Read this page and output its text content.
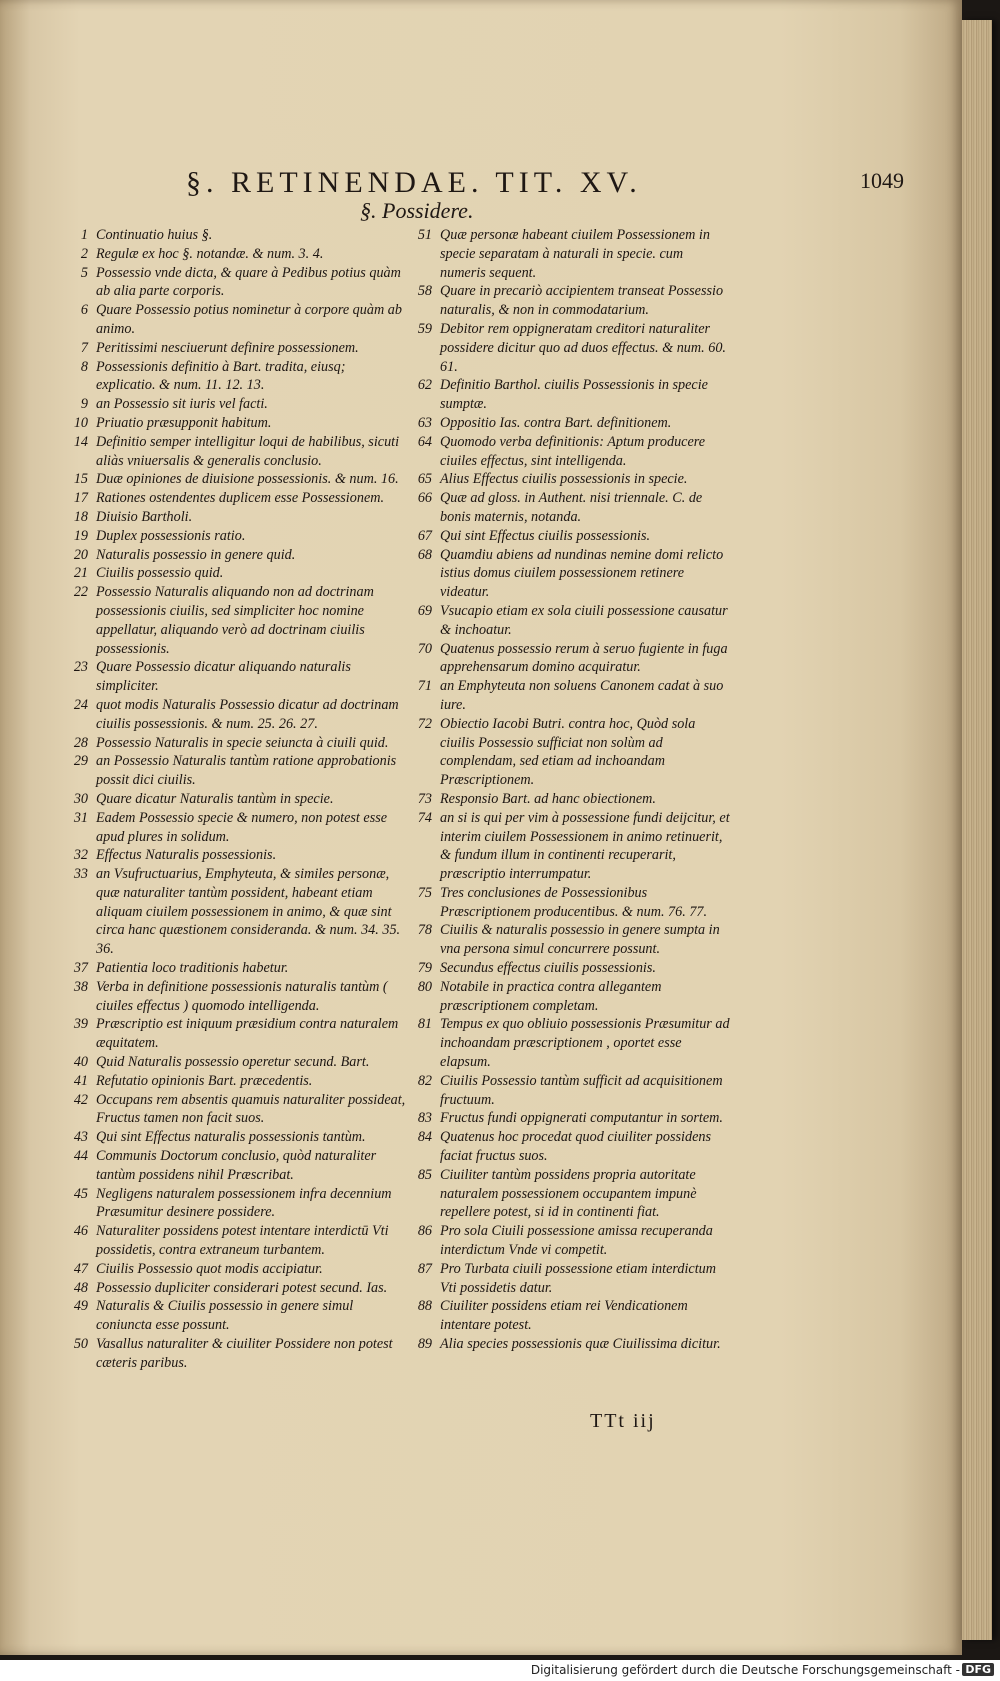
§. RETINENDAE. TIT. XV.	1049
§. Possidere.
1 Continuatio huius §.
2 Regulæ ex hoc §. notandæ. & num. 3. 4.
5 Possessio vnde dicta, & quare à Pedibus potius quàm ab alia parte corporis.
6 Quare Possessio potius nominetur à corpore quàm ab animo.
7 Peritissimi nesciuerunt definire possessionem.
8 Possessionis definitio à Bart. tradita, eiusq; explicatio. & num. 11. 12. 13.
9 an Possessio sit iuris vel facti.
10 Priuatio præsupponit habitum.
14 Definitio semper intelligitur loqui de habilibus, sicuti aliàs vniuersalis & generalis conclusio.
15 Duæ opiniones de diuisione possessionis. & num. 16.
17 Rationes ostendentes duplicem esse Possessionem.
18 Diuisio Bartholi.
19 Duplex possessionis ratio.
20 Naturalis possessio in genere quid.
21 Ciuilis possessio quid.
22 Possessio Naturalis aliquando non ad doctrinam possessionis ciuilis, sed simpliciter hoc nomine appellatur, aliquando verò ad doctrinam ciuilis possessionis.
23 Quare Possessio dicatur aliquando naturalis simpliciter.
24 quot modis Naturalis Possessio dicatur ad doctrinam ciuilis possessionis. & num. 25. 26. 27.
28 Possessio Naturalis in specie seiuncta à ciuili quid.
29 an Possessio Naturalis tantùm ratione approbationis possit dici ciuilis.
30 Quare dicatur Naturalis tantùm in specie.
31 Eadem Possessio specie & numero, non potest esse apud plures in solidum.
32 Effectus Naturalis possessionis.
33 an Vsufructuarius, Emphyteuta, & similes personæ, quæ naturaliter tantùm possident, habeant etiam aliquam ciuilem possessionem in animo, & quæ sint circa hanc quæstionem consideranda. & num. 34. 35. 36.
37 Patientia loco traditionis habetur.
38 Verba in definitione possessionis naturalis tantùm ( ciuiles effectus ) quomodo intelligenda.
39 Præscriptio est iniquum præsidium contra naturalem æquitatem.
40 Quid Naturalis possessio operetur secund. Bart.
41 Refutatio opinionis Bart. præcedentis.
42 Occupans rem absentis quamuis naturaliter possideat, Fructus tamen non facit suos.
43 Qui sint Effectus naturalis possessionis tantùm.
44 Communis Doctorum conclusio, quòd naturaliter tantùm possidens nihil Præscribat.
45 Negligens naturalem possessionem infra decennium Præsumitur desinere possidere.
46 Naturaliter possidens potest intentare interdictū Vti possidetis, contra extraneum turbantem.
47 Ciuilis Possessio quot modis accipiatur.
48 Possessio dupliciter considerari potest secund. Ias.
49 Naturalis & Ciuilis possessio in genere simul coniuncta esse possunt.
50 Vasallus naturaliter & ciuiliter Possidere non potest cæteris paribus.
51 Quæ personæ habeant ciuilem Possessionem in specie separatam à naturali in specie. cum numeris sequent.
58 Quare in precariò accipientem transeat Possessio naturalis, & non in commodatarium.
59 Debitor rem oppigneratam creditori naturaliter possidere dicitur quo ad duos effectus. & num. 60. 61.
62 Definitio Barthol. ciuilis Possessionis in specie sumptæ.
63 Oppositio Ias. contra Bart. definitionem.
64 Quomodo verba definitionis: Aptum producere ciuiles effectus, sint intelligenda.
65 Alius Effectus ciuilis possessionis in specie.
66 Quæ ad gloss. in Authent. nisi triennale. C. de bonis maternis, notanda.
67 Qui sint Effectus ciuilis possessionis.
68 Quamdiu abiens ad nundinas nemine domi relicto istius domus ciuilem possessionem retinere videatur.
69 Vsucapio etiam ex sola ciuili possessione causatur & inchoatur.
70 Quatenus possessio rerum à seruo fugiente in fuga apprehensarum domino acquiratur.
71 an Emphyteuta non soluens Canonem cadat à suo iure.
72 Obiectio Iacobi Butri. contra hoc, Quòd sola ciuilis Possessio sufficiat non solùm ad complendam, sed etiam ad inchoandam Præscriptionem.
73 Responsio Bart. ad hanc obiectionem.
74 an si is qui per vim à possessione fundi deijcitur, et interim ciuilem Possessionem in animo retinuerit, & fundum illum in continenti recuperarit, præscriptio interrumpatur.
75 Tres conclusiones de Possessionibus Præscriptionem producentibus. & num. 76. 77.
78 Ciuilis & naturalis possessio in genere sumpta in vna persona simul concurrere possunt.
79 Secundus effectus ciuilis possessionis.
80 Notabile in practica contra allegantem præscriptionem completam.
81 Tempus ex quo obliuio possessionis Præsumitur ad inchoandam præscriptionem , oportet esse elapsum.
82 Ciuilis Possessio tantùm sufficit ad acquisitionem fructuum.
83 Fructus fundi oppignerati computantur in sortem.
84 Quatenus hoc procedat quod ciuiliter possidens faciat fructus suos.
85 Ciuiliter tantùm possidens propria autoritate naturalem possessionem occupantem impunè repellere potest, si id in continenti fiat.
86 Pro sola Ciuili possessione amissa recuperanda interdictum Vnde vi competit.
87 Pro Turbata ciuili possessione etiam interdictum Vti possidetis datur.
88 Ciuiliter possidens etiam rei Vendicationem intentare potest.
89 Alia species possessionis quæ Ciuilissima dicitur.
TTt iij
Digitalisierung gefördert durch die Deutsche Forschungsgemeinschaft - DFG
